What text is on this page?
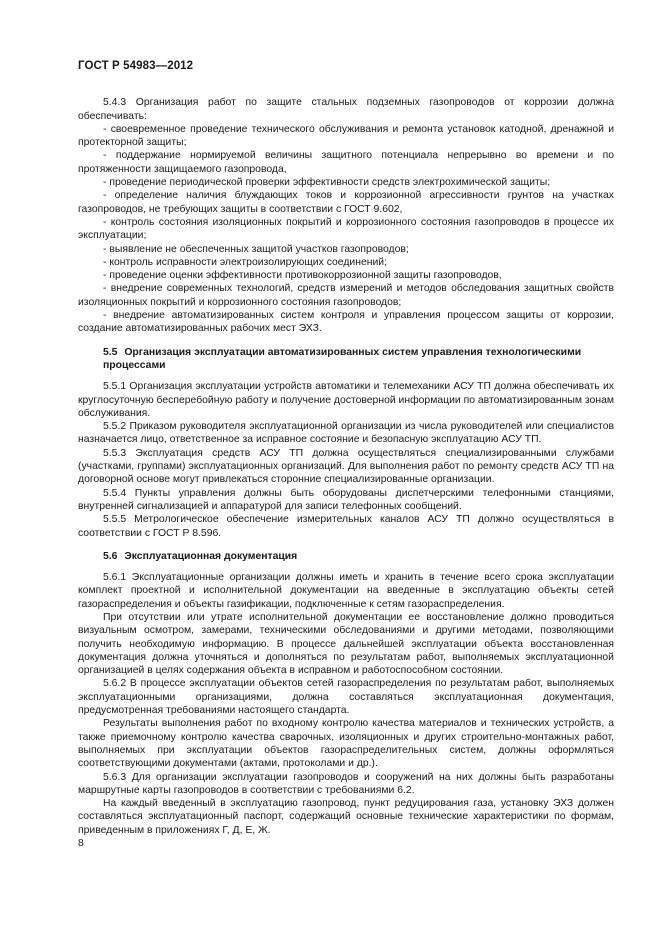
ГОСТ Р 54983—2012

5.4.3 Организация работ по защите стальных подземных газопроводов от коррозии должна обеспечивать:

- своевременное проведение технического обслуживания и ремонта установок катодной, дренажной и протекторной защиты;

- поддержание нормируемой величины защитного потенциала непрерывно во времени и по протяженности защищаемого газопровода,

- проведение периодической проверки эффективности средств электрохимической защиты;

- определение наличия блуждающих токов и коррозионной агрессивности грунтов на участках газопроводов, не требующих защиты в соответствии с ГОСТ 9.602,

- контроль состояния изоляционных покрытий и коррозионного состояния газопроводов в процессе их эксплуатации;

- выявление не обеспеченных защитой участков газопроводов;

- контроль исправности электроизолирующих соединений;

- проведение оценки эффективности противокоррозионной защиты газопроводов,

- внедрение современных технологий, средств измерений и методов обследования защитных свойств изоляционных покрытий и коррозионного состояния газопроводов;

- внедрение автоматизированных систем контроля и управления процессом защиты от коррозии, создание автоматизированных рабочих мест ЭХЗ.

5.5 Организация эксплуатации автоматизированных систем управления технологическими процессами

5.5.1 Организация эксплуатации устройств автоматики и телемеханики АСУ ТП должна обеспечивать их круглосуточную бесперебойную работу и получение достоверной информации по автоматизированным зонам обслуживания.

5.5.2 Приказом руководителя эксплуатационной организации из числа руководителей или специалистов назначается лицо, ответственное за исправное состояние и безопасную эксплуатацию АСУ ТП.

5.5.3 Эксплуатация средств АСУ ТП должна осуществляться специализированными службами (участками, группами) эксплуатационных организаций. Для выполнения работ по ремонту средств АСУ ТП на договорной основе могут привлекаться сторонние специализированные организации.

5.5.4 Пункты управления должны быть оборудованы диспетчерскими телефонными станциями, внутренней сигнализацией и аппаратурой для записи телефонных сообщений.

5.5.5 Метрологическое обеспечение измерительных каналов АСУ ТП должно осуществляться в соответствии с ГОСТ Р 8.596.

5.6 Эксплуатационная документация

5.6.1 Эксплуатационные организации должны иметь и хранить в течение всего срока эксплуатации комплект проектной и исполнительной документации на введенные в эксплуатацию объекты сетей газораспределения и объекты газификации, подключенные к сетям газораспределения.

При отсутствии или утрате исполнительной документации ее восстановление должно проводиться визуальным осмотром, замерами, техническими обследованиями и другими методами, позволяющими получить необходимую информацию. В процессе дальнейшей эксплуатации объекта восстановленная документация должна уточняться и дополняться по результатам работ, выполняемых эксплуатационной организацией в целях содержания объекта в исправном и работоспособном состоянии.

5.6.2 В процессе эксплуатации объектов сетей газораспределения по результатам работ, выполняемых эксплуатационными организациями, должна составляться эксплуатационная документация, предусмотренная требованиями настоящего стандарта.

Результаты выполнения работ по входному контролю качества материалов и технических устройств, а также приемочному контролю качества сварочных, изоляционных и других строительно-монтажных работ, выполняемых при эксплуатации объектов газораспределительных систем, должны оформляться соответствующими документами (актами, протоколами и др.).

5.6.3 Для организации эксплуатации газопроводов и сооружений на них должны быть разработаны маршрутные карты газопроводов в соответствии с требованиями 6.2.

На каждый введенный в эксплуатацию газопровод, пункт редуцирования газа, установку ЭХЗ должен составляться эксплуатационный паспорт, содержащий основные технические характеристики по формам, приведенным в приложениях Г, Д, Е, Ж.

8
